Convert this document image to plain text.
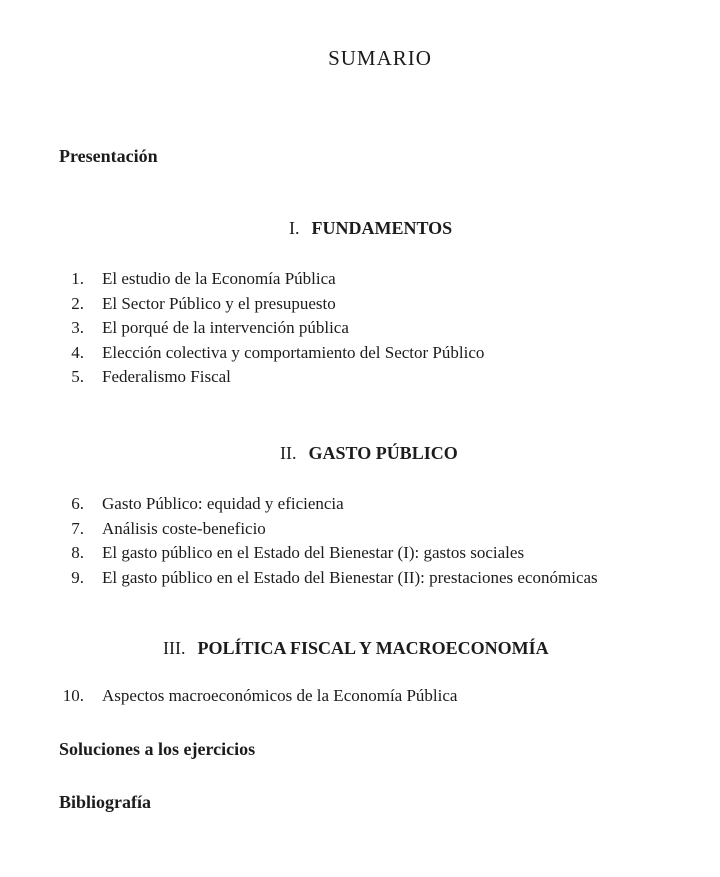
SUMARIO
Presentación
I. FUNDAMENTOS
1. El estudio de la Economía Pública
2. El Sector Público y el presupuesto
3. El porqué de la intervención pública
4. Elección colectiva y comportamiento del Sector Público
5. Federalismo Fiscal
II. GASTO PÚBLICO
6. Gasto Público: equidad y eficiencia
7. Análisis coste-beneficio
8. El gasto público en el Estado del Bienestar (I): gastos sociales
9. El gasto público en el Estado del Bienestar (II): prestaciones económicas
III. POLÍTICA FISCAL Y MACROECONOMÍA
10. Aspectos macroeconómicos de la Economía Pública
Soluciones a los ejercicios
Bibliografía
